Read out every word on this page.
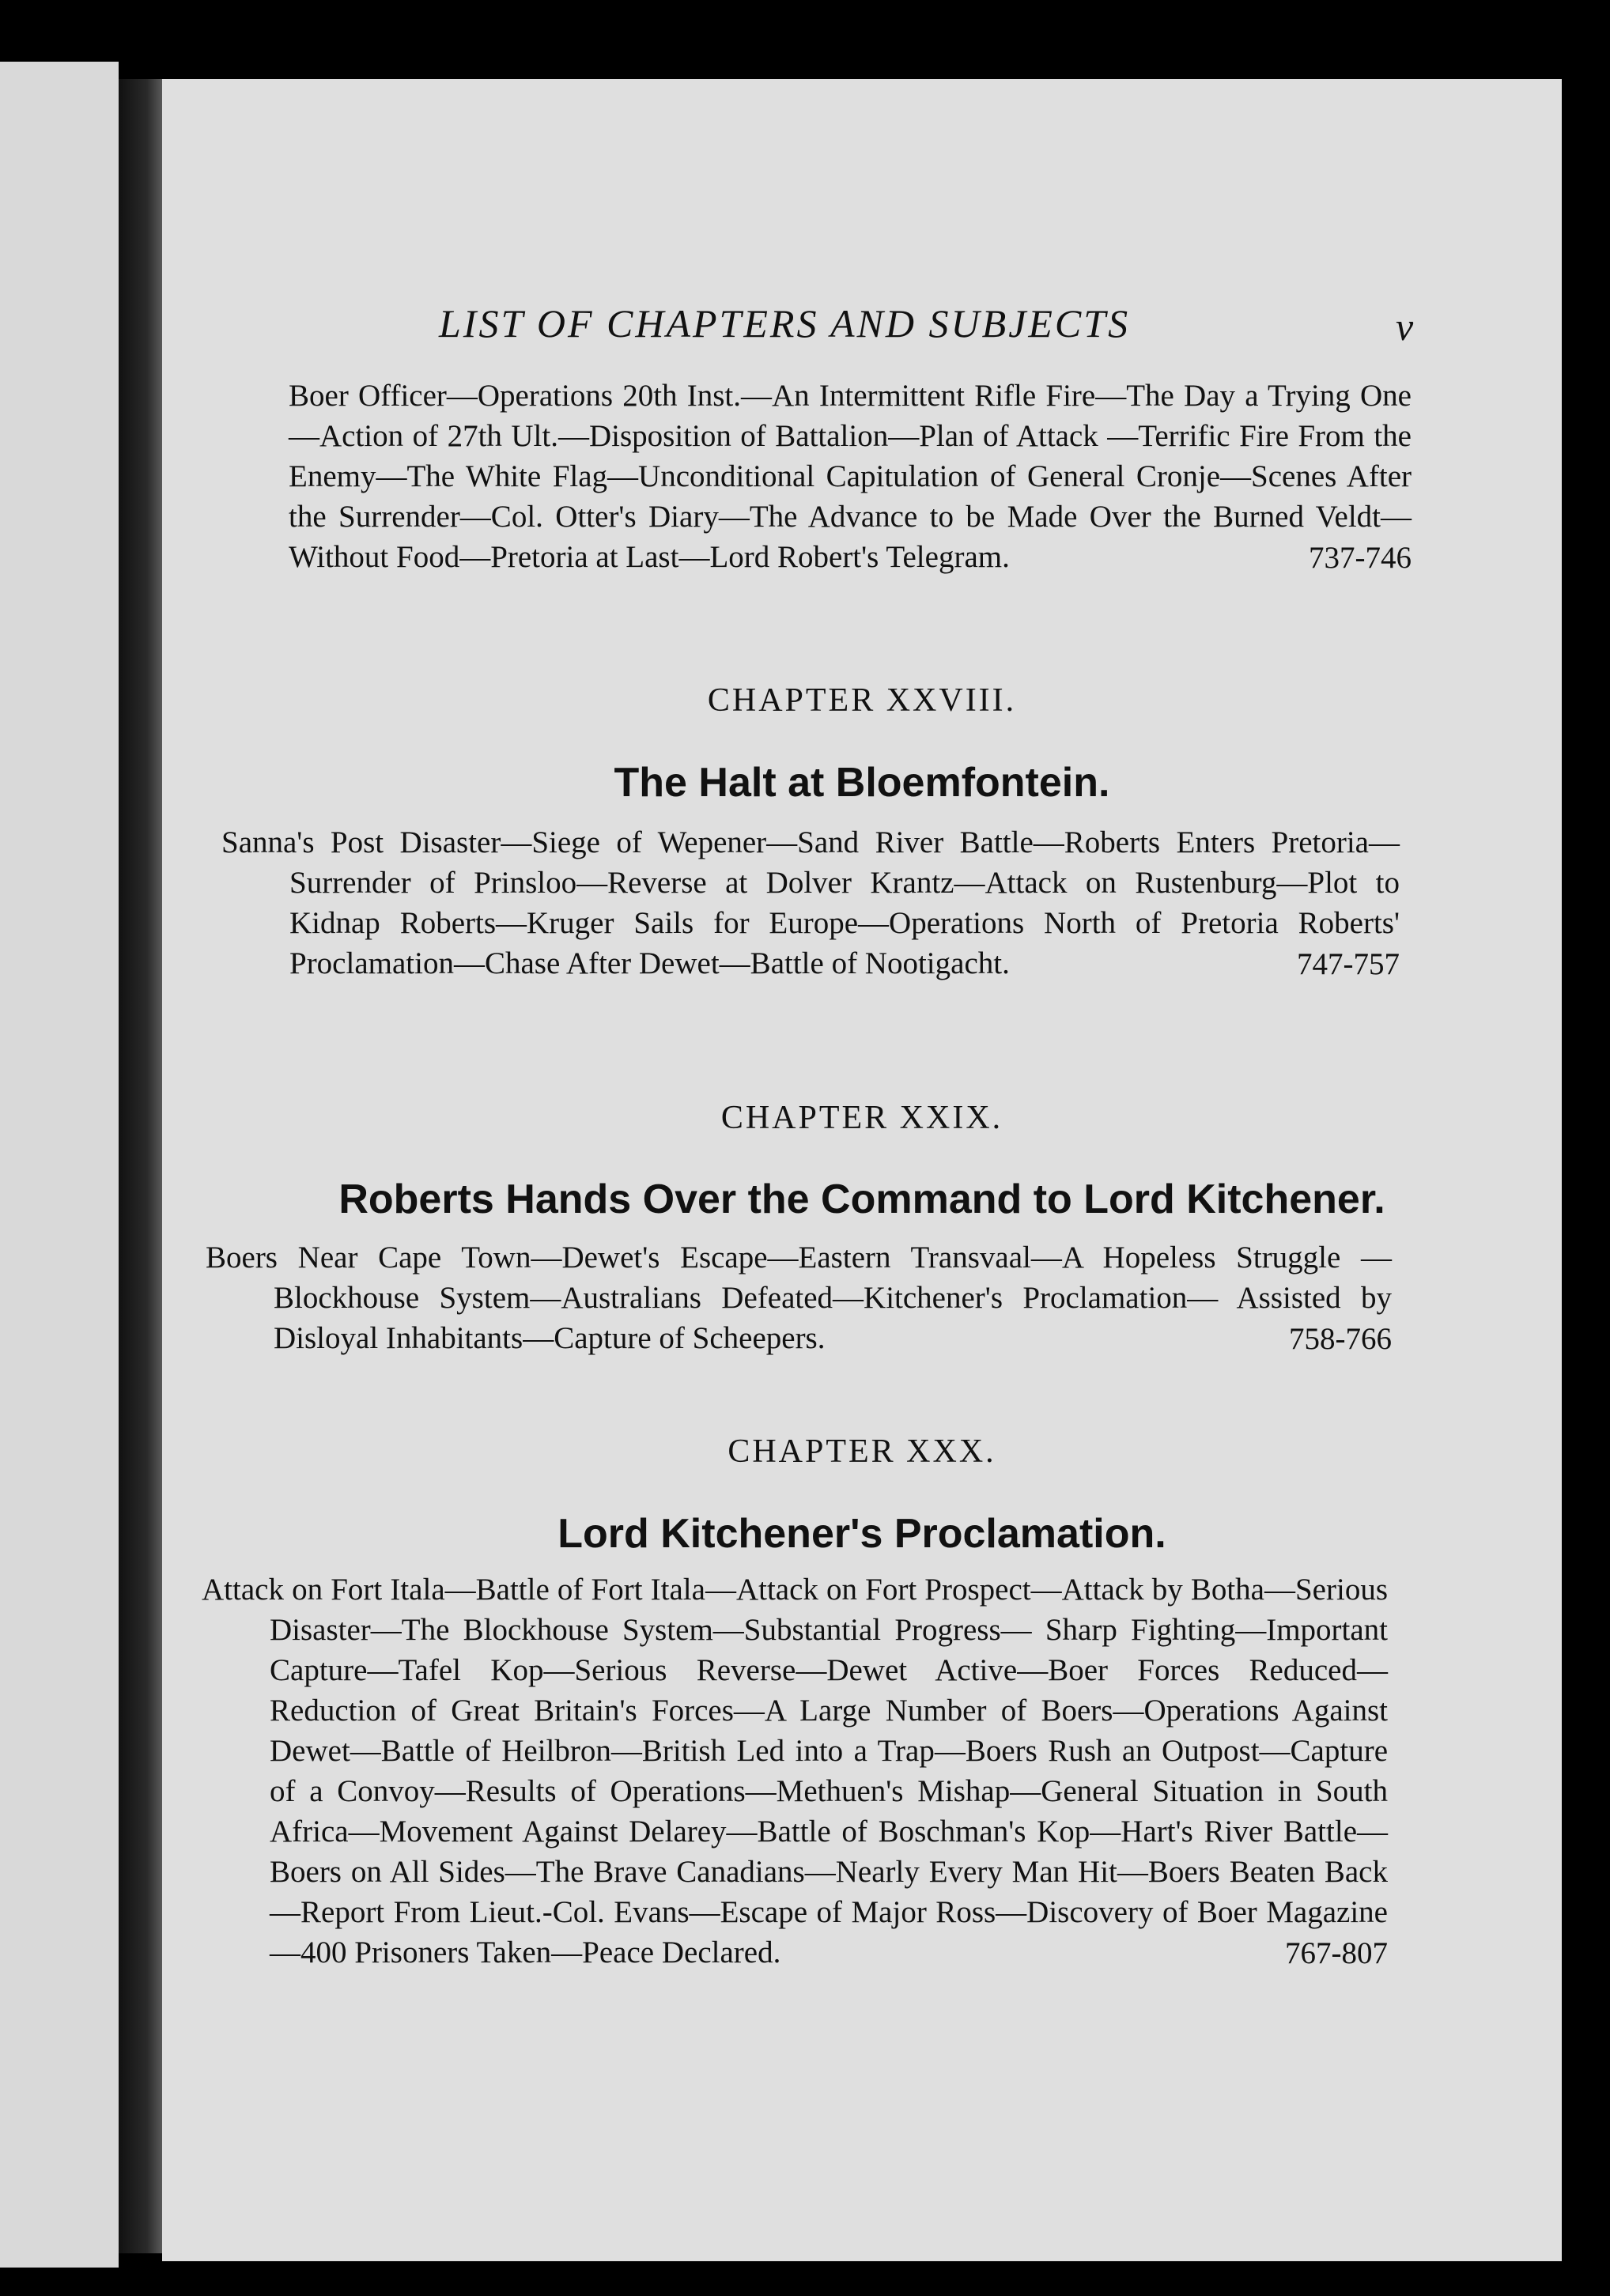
LIST OF CHAPTERS AND SUBJECTS	v

Boer Officer—Operations 20th Inst.—An Intermittent Rifle Fire—The Day a Trying One—Action of 27th Ult.—Disposition of Battalion—Plan of Attack —Terrific Fire From the Enemy—The White Flag—Unconditional Capitulation of General Cronje—Scenes After the Surrender—Col. Otter's Diary—The Advance to be Made Over the Burned Veldt—Without Food—Pretoria at Last—Lord Robert's Telegram.	737-746

CHAPTER XXVIII.
The Halt at Bloemfontein.

Sanna's Post Disaster—Siege of Wepener—Sand River Battle—Roberts Enters Pretoria—Surrender of Prinsloo—Reverse at Dolver Krantz—Attack on Rustenburg—Plot to Kidnap Roberts—Kruger Sails for Europe—Operations North of Pretoria Roberts' Proclamation—Chase After Dewet—Battle of Nootigacht.	747-757

CHAPTER XXIX.
Roberts Hands Over the Command to Lord Kitchener.

Boers Near Cape Town—Dewet's Escape—Eastern Transvaal—A Hopeless Struggle —Blockhouse System—Australians Defeated—Kitchener's Proclamation— Assisted by Disloyal Inhabitants—Capture of Scheepers.	758-766

CHAPTER XXX.
Lord Kitchener's Proclamation.

Attack on Fort Itala—Battle of Fort Itala—Attack on Fort Prospect—Attack by Botha—Serious Disaster—The Blockhouse System—Substantial Progress— Sharp Fighting—Important Capture—Tafel Kop—Serious Reverse—Dewet Active—Boer Forces Reduced—Reduction of Great Britain's Forces—A Large Number of Boers—Operations Against Dewet—Battle of Heilbron—British Led into a Trap—Boers Rush an Outpost—Capture of a Convoy—Results of Operations—Methuen's Mishap—General Situation in South Africa—Movement Against Delarey—Battle of Boschman's Kop—Hart's River Battle—Boers on All Sides—The Brave Canadians—Nearly Every Man Hit—Boers Beaten Back—Report From Lieut.-Col. Evans—Escape of Major Ross—Discovery of Boer Magazine—400 Prisoners Taken—Peace Declared.	767-807
